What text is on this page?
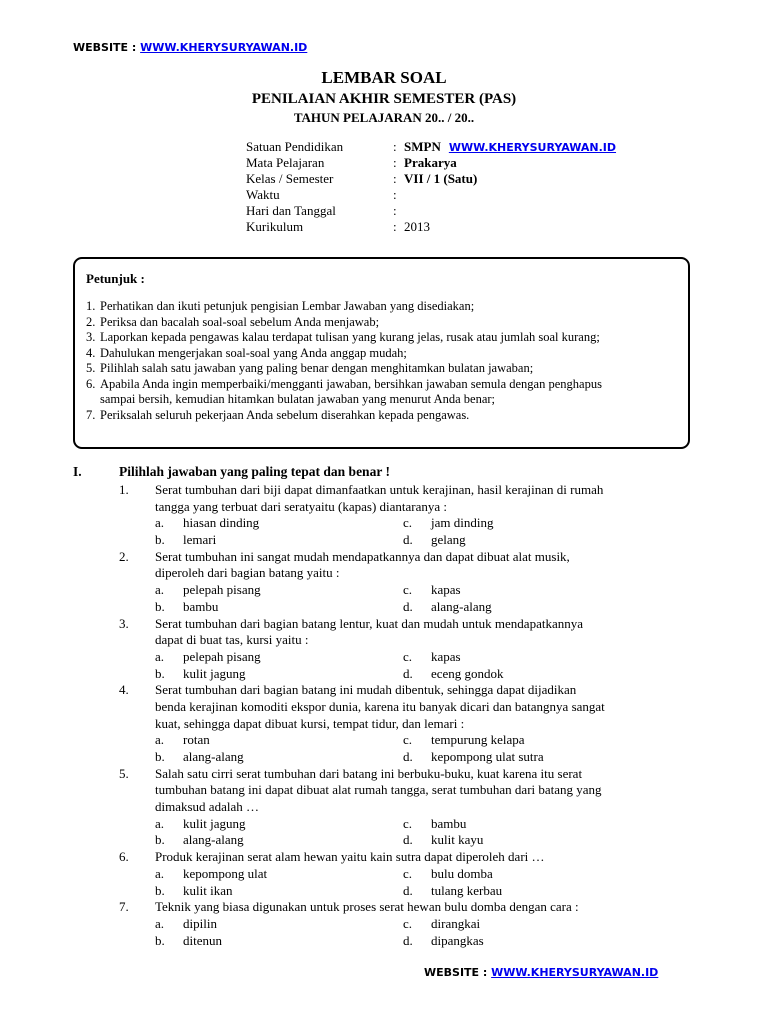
WEBSITE : WWW.KHERYSURYAWAN.ID
LEMBAR SOAL
PENILAIAN AKHIR SEMESTER (PAS)
TAHUN PELAJARAN 20.. / 20..
Satuan Pendidikan	: SMPN WWW.KHERYSURYAWAN.ID
Mata Pelajaran	: Prakarya
Kelas / Semester	: VII / 1 (Satu)
Waktu	:
Hari dan Tanggal	:
Kurikulum	: 2013
Petunjuk :
1. Perhatikan dan ikuti petunjuk pengisian Lembar Jawaban yang disediakan;
2. Periksa dan bacalah soal-soal sebelum Anda menjawab;
3. Laporkan kepada pengawas kalau terdapat tulisan yang kurang jelas, rusak atau jumlah soal kurang;
4. Dahulukan mengerjakan soal-soal yang Anda anggap mudah;
5. Pilihlah salah satu jawaban yang paling benar dengan menghitamkan bulatan jawaban;
6. Apabila Anda ingin memperbaiki/mengganti jawaban, bersihkan jawaban semula dengan penghapus
sampai bersih, kemudian hitamkan bulatan jawaban yang menurut Anda benar;
7. Periksalah seluruh pekerjaan Anda sebelum diserahkan kepada pengawas.
I.	Pilihlah jawaban yang paling tepat dan benar !
1. Serat tumbuhan dari biji dapat dimanfaatkan untuk kerajinan, hasil kerajinan di rumah
tangga yang terbuat dari seratyaitu (kapas) diantaranya :
a. hiasan dinding	c. jam dinding
b. lemari	d. gelang
2. Serat tumbuhan ini sangat mudah mendapatkannya dan dapat dibuat alat musik,
diperoleh dari bagian batang yaitu :
a. pelepah pisang	c. kapas
b. bambu	d. alang-alang
3. Serat tumbuhan dari bagian batang lentur, kuat dan mudah untuk mendapatkannya
dapat di buat tas, kursi yaitu :
a. pelepah pisang	c. kapas
b. kulit jagung	d. eceng gondok
4. Serat tumbuhan dari bagian batang ini mudah dibentuk, sehingga dapat dijadikan
benda kerajinan komoditi ekspor dunia, karena itu banyak dicari dan batangnya sangat
kuat, sehingga dapat dibuat kursi, tempat tidur, dan lemari :
a. rotan	c. tempurung kelapa
b. alang-alang	d. kepompong ulat sutra
5. Salah satu cirri serat tumbuhan dari batang ini berbuku-buku, kuat karena itu serat
tumbuhan batang ini dapat dibuat alat rumah tangga, serat tumbuhan dari batang yang
dimaksud adalah …
a. kulit jagung	c. bambu
b. alang-alang	d. kulit kayu
6. Produk kerajinan serat alam hewan yaitu kain sutra dapat diperoleh dari …
a. kepompong ulat	c. bulu domba
b. kulit ikan	d. tulang kerbau
7. Teknik yang biasa digunakan untuk proses serat hewan bulu domba dengan cara :
a. dipilin	c. dirangkai
b. ditenun	d. dipangkas
WEBSITE : WWW.KHERYSURYAWAN.ID
